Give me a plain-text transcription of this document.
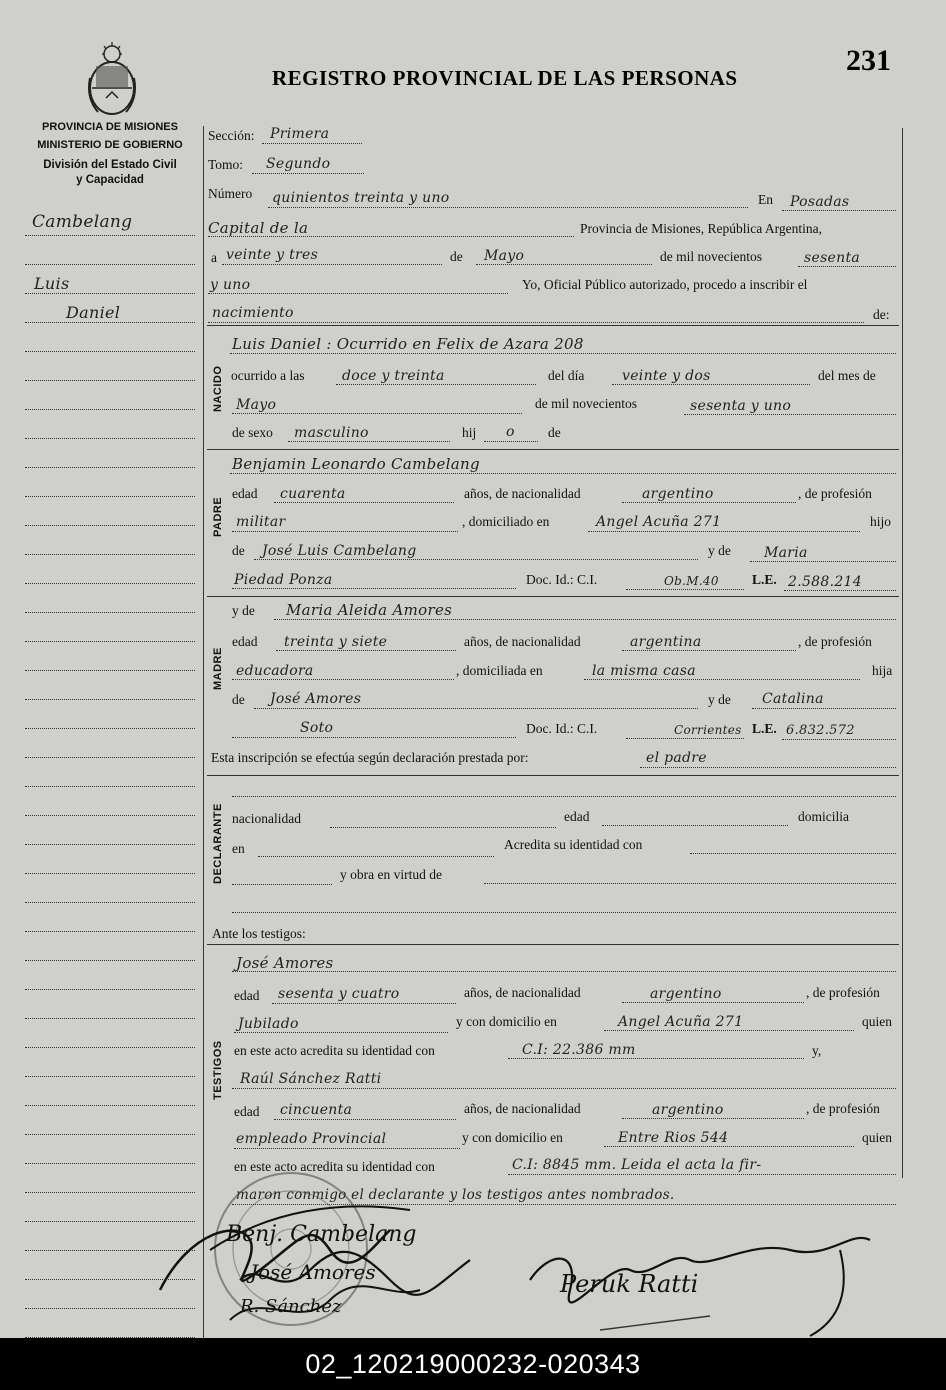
REGISTRO PROVINCIAL DE LAS PERSONAS
231
PROVINCIA DE MISIONES
MINISTERIO DE GOBIERNO
División del Estado Civil
y Capacidad
Cambelang
Luis
Daniel
Sección: Primera
Tomo: Segundo
Número quinientos treinta y uno	En Posadas
Capital de la	Provincia de Misiones, República Argentina,
a veinte y tres	de Mayo	de mil novecientos	sesenta
y uno	Yo, Oficial Público autorizado, procedo a inscribir el
nacimiento	de:
NACIDO
Luis Daniel : Ocurrido en Felix de Azara 208
ocurrido a las	doce y treinta	del día	veinte y dos	del mes de
Mayo	de mil novecientos	sesenta y uno
de sexo masculino	hij o de
PADRE
Benjamin Leonardo Cambelang
edad cuarenta	años, de nacionalidad	argentino	, de profesión
militar	, domiciliado en	Angel Acuña 271	hijo
de José Luis Cambelang	y de Maria
Piedad Ponza	Doc. Id.: C.I.	Ob.M.40 L.E. 2.588.214
MADRE
y de Maria Aleida Amores
edad treinta y siete	años, de nacionalidad	argentina	, de profesión
educadora	, domiciliada en	la misma casa	hija
de José Amores	y de Catalina
Soto	Doc. Id.: C.I.	Corrientes L.E. 6.832.572
Esta inscripción se efectúa según declaración prestada por:	el padre
DECLARANTE nacionalidad	edad	domicilia
en	Acredita su identidad con
y obra en virtud de
Ante los testigos:
TESTIGOS
José Amores
edad sesenta y cuatro	años, de nacionalidad	argentino	, de profesión
Jubilado	y con domicilio en	Angel Acuña 271	quien
en este acto acredita su identidad con	C.I: 22.386 mm	y,
Raúl Sánchez Ratti
edad cincuenta	años, de nacionalidad	argentino	, de profesión
empleado Provincial	y con domicilio en	Entre Rios 544	quien
en este acto acredita su identidad con	C.I: 8845 mm. Leida el acta la fir-
maron conmigo el declarante y los testigos antes nombrados.
Benj. Cambelang
José Amores
R. Sánchez
Peruk Ratti
02_120219000232-020343
